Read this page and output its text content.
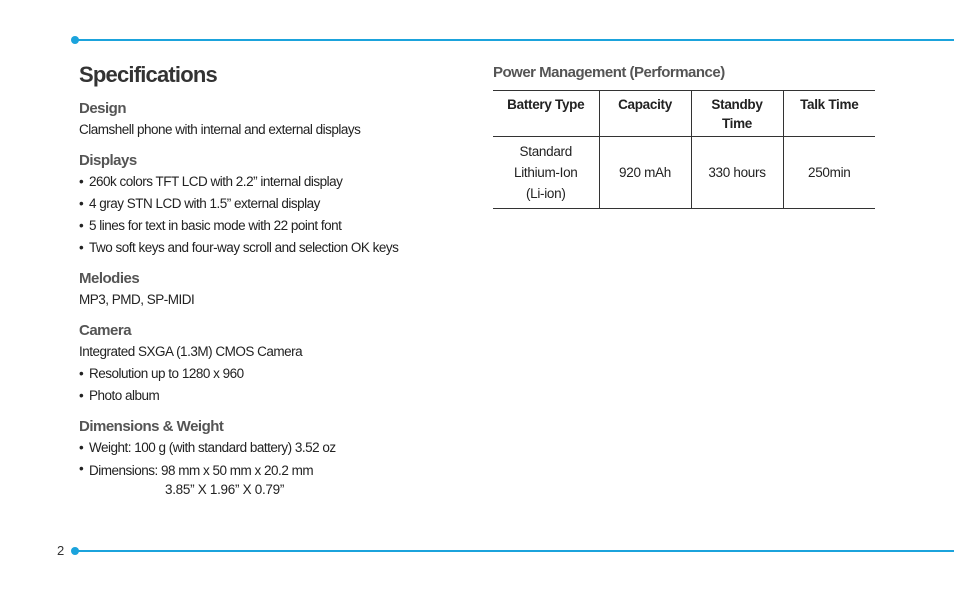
Specifications
Design
Clamshell phone with internal and external displays
Displays
• 260k colors TFT LCD with 2.2” internal display
• 4 gray STN LCD with 1.5” external display
• 5 lines for text in basic mode with 22 point font
• Two soft keys and four-way scroll and selection OK keys
Melodies
MP3, PMD, SP-MIDI
Camera
Integrated SXGA (1.3M) CMOS Camera
• Resolution up to 1280 x 960
• Photo album
Dimensions & Weight
• Weight: 100 g (with standard battery) 3.52 oz
• Dimensions: 98 mm x 50 mm x 20.2 mm
3.85” X 1.96” X 0.79”
Power Management (Performance)
Battery Type	Capacity	Standby Time	Talk Time

Standard
Lithium-Ion
(Li-ion)	920 mAh	330 hours	250min
2
